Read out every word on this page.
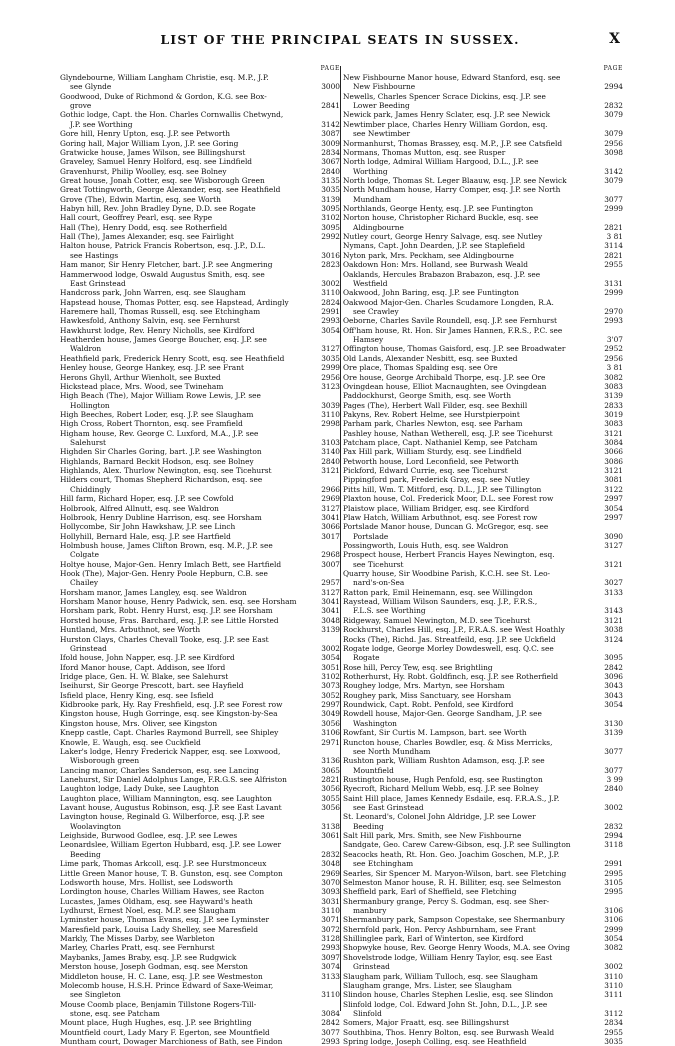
LIST OF THE PRINCIPAL SEATS IN SUSSEX.	X
PAGE
Glyndebourne, William Langham Christie, esq. M.P., J.P.
see Glynde	3000
Goodwood, Duke of Richmond & Gordon, K.G. see Box-
grove	2841
Gothic lodge, Capt. the Hon. Charles Cornwallis Chetwynd,
J.P. see Worthing	3142
Gore hill, Henry Upton, esq. J.P. see Petworth	3087
Goring hall, Major William Lyon, J.P. see Goring	3009
Gratwicke house, James Wilson, see Billingshurst	2834
Graveley, Samuel Henry Holford, esq. see Lindfield	3067
Gravenhurst, Philip Woolley, esq. see Bolney	2840
Great house, Jonah Cotter, esq. see Wisborough Green	3135
Great Tottingworth, George Alexander, esq. see Heathfield	3035
Grove (The), Edwin Martin, esq. see Worth	3139
Habyn hill, Rev. John Bradley Dyne, D.D. see Rogate	3095
Hall court, Geoffrey Pearl, esq. see Rype	3102
Hall (The), Henry Dodd, esq. see Rotherfield	3095
Hall (The), James Alexander, esq. see Fairlight	2992
Halton house, Patrick Francis Robertson, esq. J.P., D.L.
see Hastings	3016
Ham manor, Sir Henry Fletcher, bart. J.P. see Angmering	2823
Hammerwood lodge, Oswald Augustus Smith, esq. see
East Grinstead	3002
Handcross park, John Warren, esq. see Slaugham	3110
Hapstead house, Thomas Potter, esq. see Hapstead, Ardingly	2824
Haremere hall, Thomas Russell, esq. see Etchingham	2991
Hawkesfold, Anthony Salvin, esq. see Fernhurst	2993
Hawkhurst lodge, Rev. Henry Nicholls, see Kirdford	3054
Heatherden house, James George Boucher, esq. J.P. see
Waldron	3127
Heathfield park, Frederick Henry Scott, esq. see Heathfield	3035
Henley house, George Hankey, esq. J.P. see Frant	2999
Herons Ghyll, Arthur Wienholt, see Buxted	2956
Hickstead place, Mrs. Wood, see Twineham	3123
High Beach (The), Major William Rowe Lewis, J.P. see
Hollington	3039
High Beeches, Robert Loder, esq. J.P. see Slaugham	3110
High Cross, Robert Thornton, esq. see Framfield	2998
Higham house, Rev. George C. Luxford, M.A., J.P. see
Salehurst	3103
Highden Sir Charles Goring, bart. J.P. see Washington	3140
Highlands, Barnard Beckit Hodson, esq. see Bolney	2840
Highlands, Alex. Thurlow Newington, esq. see Ticehurst	3121
Hilders court, Thomas Shepherd Richardson, esq. see
Chiddingly	2966
Hill farm, Richard Hoper, esq. J.P. see Cowfold	2969
Holbrook, Alfred Allnutt, esq. see Waldron	3127
Holbrook, Henry Dubline Harrison, esq. see Horsham	3041
Hollycombe, Sir John Hawkshaw, J.P. see Linch	3066
Hollyhill, Bernard Hale, esq. J.P. see Hartfield	3017
Holmbush house, James Clifton Brown, esq. M.P., J.P. see
Colgate	2968
Holtye house, Major-Gen. Henry Imlach Bett, see Hartfield	3007
Hook (The), Major-Gen. Henry Poole Hepburn, C.B. see
Chailey	2957
Horsham manor, James Langley, esq. see Waldron	3127
Horsham Manor house, Henry Padwick, sen. esq. see Horsham	3041
Horsham park, Robt. Henry Hurst, esq. J.P. see Horsham	3041
Horsted house, Fras. Barchard, esq. J.P. see Little Horsted	3048
Huntland, Mrs. Arbuthnot, see Worth	3139
Hurston Clays, Charles Chevall Tooke, esq. J.P. see East
Grinstead	3002
Ifold house, John Napper, esq. J.P. see Kirdford	3054
Iford Manor house, Capt. Addison, see Iford	3051
Iridge place, Gen. H. W. Blake, see Salehurst	3102
Iseihurst, Sir George Prescott, bart. see Hayfield	3073
Isfield place, Henry King, esq. see Isfield	3052
Kidbrooke park, Hy. Ray Freshfield, esq. J.P. see Forest row	2997
Kingston house, Hugh Gorringe, esq. see Kingston-by-Sea	3049
Kingston house, Mrs. Oliver, see Kingston	3056
Knepp castle, Capt. Charles Raymond Burrell, see Shipley	3106
Knowle, E. Waugh, esq. see Cuckfield	2971
Laker's lodge, Henry Frederick Napper, esq. see Loxwood,
Wisborough green	3136
Lancing manor, Charles Sanderson, esq. see Lancing	3065
Lanehurst, Sir Daniel Adolphus Lange, F.R.G.S. see Alfriston	2821
Laughton lodge, Lady Duke, see Laughton	3056
Laughton place, William Mannington, esq. see Laughton	3055
Lavant house, Augustus Robinson, esq. J.P. see East Lavant	3056
Lavington house, Reginald G. Wilberforce, esq. J.P. see
Woolavington	3138
Leighside, Burwood Godlee, esq. J.P. see Lewes	3061
Leonardslee, William Egerton Hubbard, esq. J.P. see Lower
Beeding	2832
Lime park, Thomas Arkcoll, esq. J.P. see Hurstmonceux	3048
Little Green Manor house, T. B. Gunston, esq. see Compton	2969
Lodsworth house, Mrs. Hollist, see Lodsworth	3070
Lordington house, Charles William Hawes, see Racton	3093
Lucastes, James Oldham, esq. see Hayward's heath	3031
Lydhurst, Ernest Noel, esq. M.P. see Slaugham	3110
Lyminster house, Thomas Evans, esq. J.P. see Lyminster	3071
Maresfield park, Louisa Lady Shelley, see Maresfield	3072
Markly, The Misses Darby, see Warbleton	3128
Marley, Charles Pratt, esq. see Fernhurst	2993
Maybanks, James Braby, esq. J.P. see Rudgwick	3097
Merston house, Joseph Godman, esq. see Merston	3074
Middleton house, H. C. Lane, esq. J.P. see Westmeston	3133
Molecomb house, H.S.H. Prince Edward of Saxe-Weimar,
see Singleton	3110
Mouse Coomb place, Benjamin Tillstone Rogers-Till-
stone, esq. see Patcham	3084
Mount place, Hugh Hughes, esq. J.P. see Brightling	2842
Mountfield court, Lady Mary F. Egerton, see Mountfield	3077
Muntham court, Dowager Marchioness of Bath, see Findon	2993
PAGE
New Fishbourne Manor house, Edward Stanford, esq. see
New Fishbourne	2994
Newells, Charles Spencer Scrace Dickins, esq. J.P. see
Lower Beeding	2832
Newick park, James Henry Sclater, esq. J.P. see Newick	3079
Newtimber place, Charles Henry William Gordon, esq.
see Newtimber	3079
Normanhurst, Thomas Brassey, esq. M.P., J.P. see Catsfield	2956
Normans, Thomas Mutton, esq. see Rusper	3098
North lodge, Admiral William Hargood, D.L., J.P. see
Worthing	3142
North lodge, Thomas St. Leger Blaauw, esq. J.P. see Newick	3079
North Mundham house, Harry Comper, esq. J.P. see North
Mundham	3077
Northlands, George Henty, esq. J.P. see Funtington	2999
Norton house, Christopher Richard Buckle, esq. see
Aldingbourne	2821
Nutley court, George Henry Salvage, esq. see Nutley	3 81
Nymans, Capt. John Dearden, J.P. see Staplefield	3114
Nyton park, Mrs. Peckham, see Aldingbourne	2821
Oakdown Hon: Mrs. Holland, see Burwash Weald	2955
Oaklands, Hercules Brabazon Brabazon, esq. J.P. see
Westfield	3131
Oakwood, John Baring, esq. J.P. see Funtington	2999
Oakwood Major-Gen. Charles Scudamore Longden, R.A.
see Crawley	2970
Oeborne, Charles Savile Roundell, esq. J.P. see Fernhurst	2993
Off'ham house, Rt. Hon. Sir James Hannen, F.R.S., P.C. see
Hamsey	3'07
Offington house, Thomas Gaisford, esq. J.P. see Broadwater	2952
Old Lands, Alexander Nesbitt, esq. see Buxted	2956
Ore place, Thomas Spalding esq. see Ore	3 81
Ore house, George Archibald Thorpe, esq. J.P. see Ore	3082
Ovingdean house, Elliot Macnaughten, see Ovingdean	3083
Paddockhurst, George Smith, esq. see Worth	3139
Pages (The), Herbert Wall Filder, esq. see Bexhill	2833
Pakyns, Rev. Robert Helme, see Hurstpierpoint	3019
Parham park, Charles Newton, esq. see Parham	3083
Pashley house, Nathan Wetherell, esq. J.P. see Ticehurst	3121
Patcham place, Capt. Nathaniel Kemp, see Patcham	3084
Pax Hill park, William Sturdy, esq. see Lindfield	3066
Petworth house, Lord Leconfield, see Petworth	3086
Pickford, Edward Currie, esq. see Ticehurst	3121
Pippingford park, Frederick Gray, esq. see Nutley	3081
Pitts hill, Wm. T. Mitford, esq. D.L., J.P. see Tillington	3122
Plaxton house, Col. Frederick Moor, D.L. see Forest row	2997
Plaistow place, William Bridger, esq. see Kirdford	3054
Plaw Hatch, William Arbuthnot, esq. see Forest row	2997
Portslade Manor house, Duncan G. McGregor, esq. see
Portslade	3090
Possingworth, Louis Huth, esq. see Waldron	3127
Prospect house, Herbert Francis Hayes Newington, esq.
see Ticehurst	3121
Quarry house, Sir Woodbine Parish, K.C.H. see St. Leo-
nard's-on-Sea	3027
Ratton park, Emil Heinemann, esq. see Willingdon	3133
Raystead, William Wilson Saunders, esq. J.P., F.R.S.,
F.L.S. see Worthing	3143
Ridgeway, Samuel Newington, M.D. see Ticehurst	3121
Rockhurst, Charles Hill, esq. J.P., F.R.A.S. see West Hoathly	3038
Rocks (The), Richd. Jas. Streatfeild, esq. J.P. see Uckfield	3124
Rogate lodge, George Morley Dowdeswell, esq. Q.C. see
Rogate	3095
Rose hill, Percy Tew, esq. see Brightling	2842
Rotherhurst, Hy. Robt. Goldfinch, esq. J.P. see Rotherfield	3096
Roughey lodge, Mrs. Martyn, see Horsham	3043
Roughey park, Miss Sanctuary, see Horsham	3043
Roundwick, Capt. Robt. Penfold, see Kirdford	3054
Rowdell house, Major-Gen. George Sandham, J.P. see
Washington	3130
Rowfant, Sir Curtis M. Lampson, bart. see Worth	3139
Runcton house, Charles Bowdler, esq. & Miss Merricks,
see North Mundham	3077
Rushton park, William Rushton Adamson, esq. J.P. see
Mountfield	3077
Rustington house, Hugh Penfold, esq. see Rustington	3 99
Ryecroft, Richard Mellum Webb, esq. J.P. see Bolney	2840
Saint Hill place, James Kennedy Esdaile, esq. F.R.A.S., J.P.
see East Grinstead	3002
St. Leonard's, Colonel John Aldridge, J.P. see Lower
Beeding	2832
Salt Hill park, Mrs. Smith, see New Fishbourne	2994
Sandgate, Geo. Carew Carew-Gibson, esq. J.P. see Sullington	3118
Seacocks heath, Rt. Hon. Geo. Joachim Goschen, M.P., J.P.
see Etchingham	2991
Searles, Sir Spencer M. Maryon-Wilson, bart. see Fletching	2995
Selmeston Manor house, R. H. Billiter, esq. see Selmeston	3105
Sheffield park, Earl of Sheffield, see Fletching	2995
Shermanbury grange, Percy S. Godman, esq. see Sher-
manbury	3106
Shermanbury park, Sampson Copestake, see Shermanbury	3106
Shernfold park, Hon. Percy Ashburnham, see Frant	2999
Shillinglee park, Earl of Winterton, see Kirdford	3054
Shopwyke house, Rev. George Henry Woods, M.A. see Oving	3082
Shovelstrode lodge, William Henry Taylor, esq. see East
Grinstead	3002
Slaugham park, William Tulloch, esq. see Slaugham	3110
Slaugham grange, Mrs. Lister, see Slaugham	3110
Slindon house, Charles Stephen Leslie, esq. see Slindon	3111
Slinfold lodge, Col. Edward John St. John, D.L., J.P. see
Slinfold	3112
Somers, Major Fraatt, esq. see Billingshurst	2834
Southbina, Thos. Henry Bolton, esq. see Burwash Weald	2955
Spring lodge, Joseph Colling, esq. see Heathfield	3035
